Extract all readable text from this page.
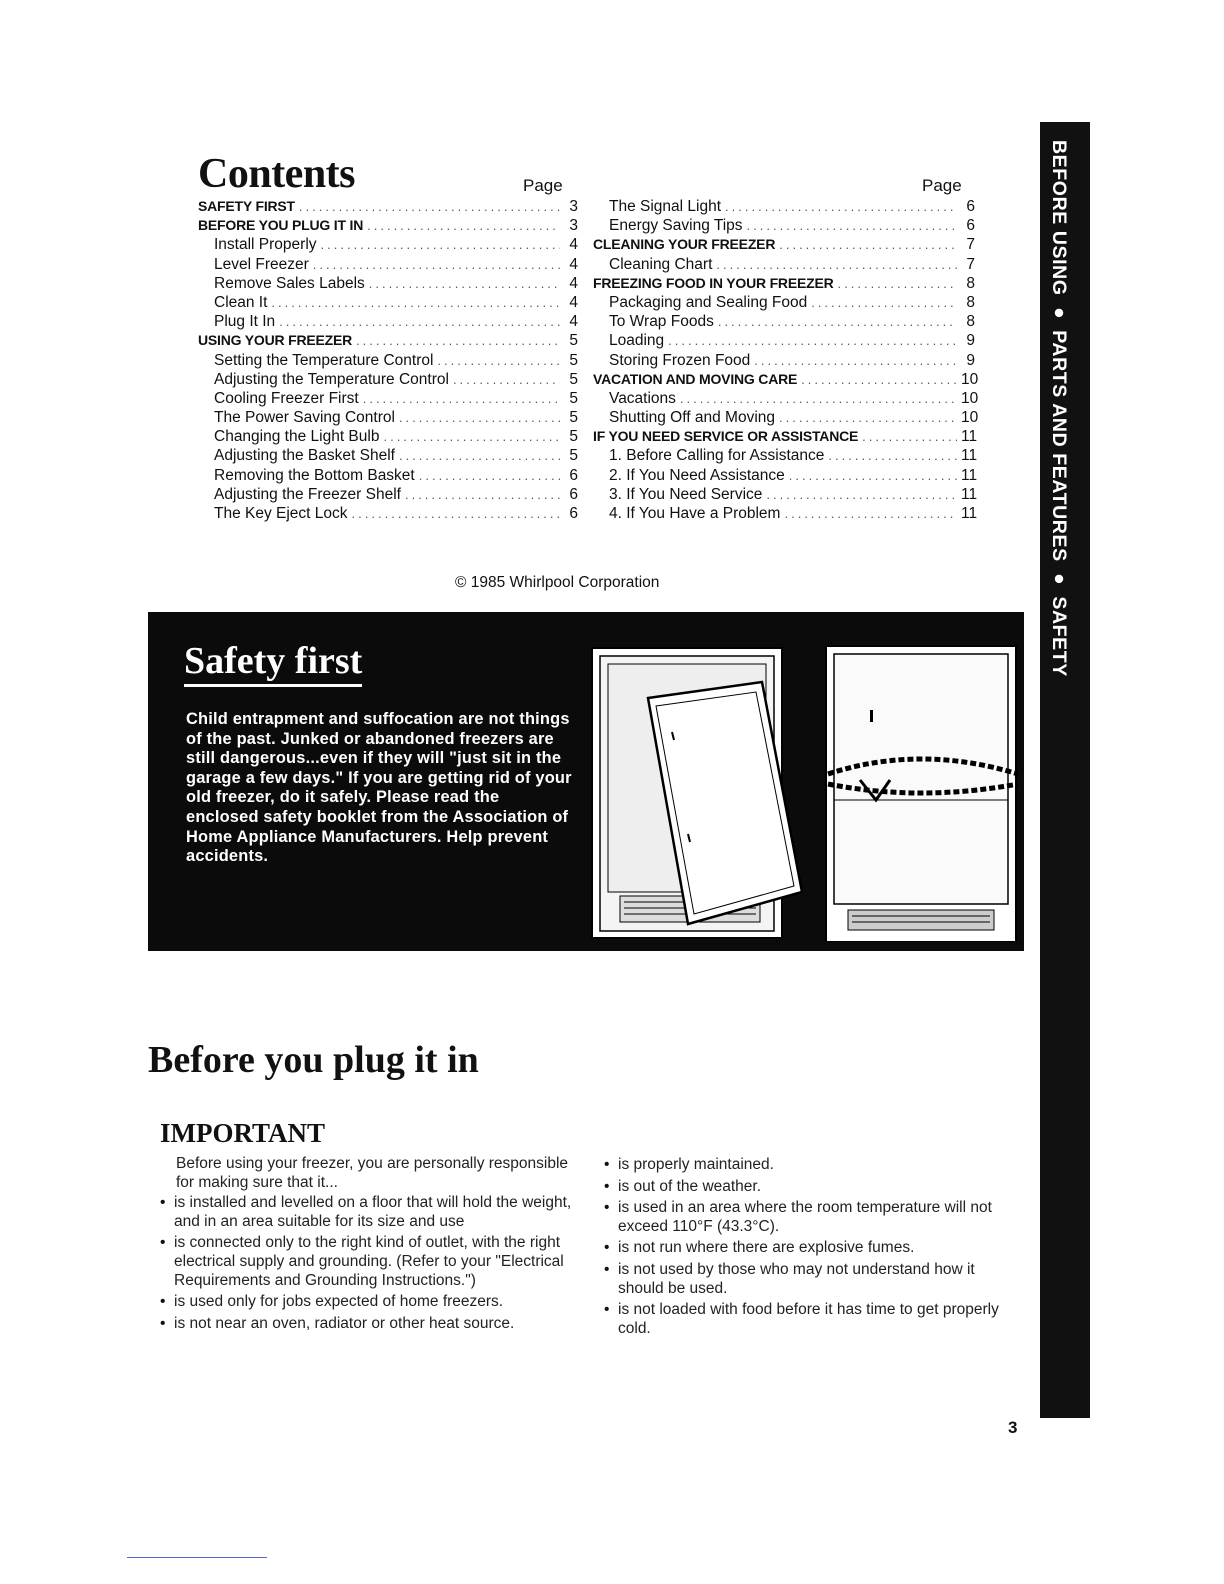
Contents	Page	Page
SAFETY FIRST .....	3
BEFORE YOU PLUG IT IN .....	3
Install Properly .....	4
Level Freezer .....	4
Remove Sales Labels .....	4
Clean It .....	4
Plug It In .....	4
USING YOUR FREEZER .....	5
Setting the Temperature Control .....	5
Adjusting the Temperature Control .....	5
Cooling Freezer First .....	5
The Power Saving Control .....	5
Changing the Light Bulb .....	5
Adjusting the Basket Shelf .....	5
Removing the Bottom Basket .....	6
Adjusting the Freezer Shelf .....	6
The Key Eject Lock .....	6
The Signal Light .....	6
Energy Saving Tips .....	6
CLEANING YOUR FREEZER .....	7
Cleaning Chart .....	7
FREEZING FOOD IN YOUR FREEZER .....	8
Packaging and Sealing Food .....	8
To Wrap Foods .....	8
Loading .....	9
Storing Frozen Food .....	9
VACATION AND MOVING CARE .....	10
Vacations .....	10
Shutting Off and Moving .....	10
IF YOU NEED SERVICE OR ASSISTANCE .....	11
1. Before Calling for Assistance .....	11
2. If You Need Assistance .....	11
3. If You Need Service .....	11
4. If You Have a Problem .....	11
© 1985 Whirlpool Corporation
Safety first

Child entrapment and suffocation are not things of the past. Junked or abandoned freezers are still dangerous...even if they will "just sit in the garage a few days." If you are getting rid of your old freezer, do it safely. Please read the enclosed safety booklet from the Association of Home Appliance Manufacturers. Help prevent accidents.

BEFORE USING ● PARTS AND FEATURES ● SAFETY
Before you plug it in
IMPORTANT

Before using your freezer, you are personally responsible for making sure that it...

• is installed and levelled on a floor that will hold the weight, and in an area suitable for its size and use
• is connected only to the right kind of outlet, with the right electrical supply and grounding. (Refer to your "Electrical Requirements and Grounding Instructions.")
• is used only for jobs expected of home freezers.
• is not near an oven, radiator or other heat source.
• is properly maintained.
• is out of the weather.
• is used in an area where the room temperature will not exceed 110°F (43.3°C).
• is not run where there are explosive fumes.
• is not used by those who may not understand how it should be used.
• is not loaded with food before it has time to get properly cold.
3
